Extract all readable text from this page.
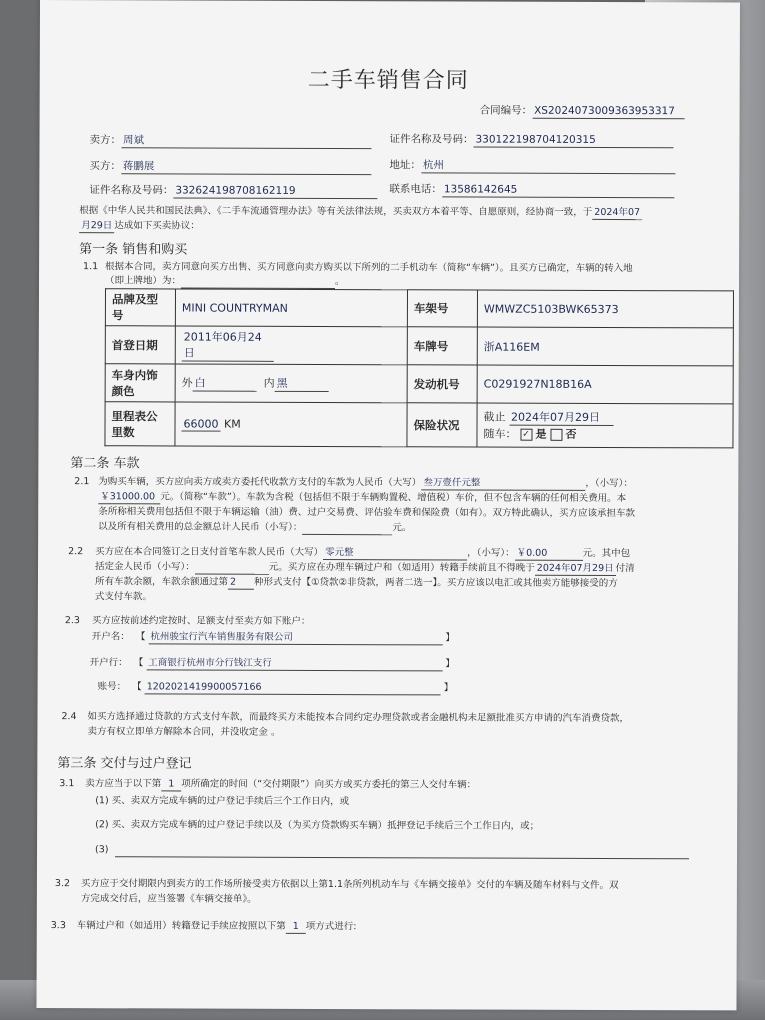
二手车销售合同
合同编号： XS2024073009363953317
卖方： 周斌	证件名称及号码： 330122198704120315
买方： 蒋鹏展	地址： 杭州
证件名称及号码： 332624198708162119	联系电话： 13586142645
根据《中华人民共和国民法典》、《二手车流通管理办法》等有关法律法规，买卖双方本着平等、自愿原则，经协商一致，于 2024年07
月29日 达成如下买卖协议：
第一条 销售和购买
1.1 根据本合同，卖方同意向买方出售、买方同意向卖方购买以下所列的二手机动车（简称“车辆”）。且买方已确定，车辆的转入地
（即上牌地）为：	。
品牌及型号	MINI COUNTRYMAN	车架号	WMWZC5103BWK65373
首登日期	2011年06月24日	车牌号	浙A116EM
车身内饰颜色	外 白 内 黑	发动机号	C0291927N18B16A
里程表公里数	66000 KM	保险状况	截止 2024年07月29日
随车： ✓ 是 否
第二条 车款
2.1 为购买车辆，买方应向卖方或卖方委托代收款方支付的车款为人民币（大写） 叁万壹仟元整	，（小写）：
￥31000.00 元。（简称“车款”）。车款为含税（包括但不限于车辆购置税、增值税）车价，但不包含车辆的任何相关费用。本
条所称相关费用包括但不限于车辆运输（油）费、过户交易费、评估验车费和保险费（如有）。双方特此确认，买方应该承担车款
以及所有相关费用的总金额总计人民币（小写）：	元。
2.2 买方应在本合同签订之日支付首笔车款人民币（大写） 零元整	，（小写）： ￥0.00	元。其中包
括定金人民币（小写）：	元。买方应在办理车辆过户和（如适用）转籍手续前且不得晚于 2024年07月29日 付清
所有车款余额，车款余额通过第 2 种形式支付【①贷款②非贷款，两者二选一】。买方应该以电汇或其他卖方能够接受的方
式支付车款。
2.3 买方应按前述约定按时、足额支付至卖方如下账户：
开户名： 【 杭州骏宝行汽车销售服务有限公司	】
开户行： 【 工商银行杭州市分行钱江支行	】
账号： 【 1202021419900057166	】
2.4 如买方选择通过贷款的方式支付车款，而最终买方未能按本合同约定办理贷款或者金融机构未足额批准买方申请的汽车消费贷款，
卖方有权立即单方解除本合同，并没收定金 。
第三条 交付与过户登记
3.1 卖方应当于以下第 1 项所确定的时间（“交付期限”）向买方或买方委托的第三人交付车辆：
(1) 买、卖双方完成车辆的过户登记手续后三个工作日内，或
(2) 买、卖双方完成车辆的过户登记手续以及（为买方贷款购买车辆）抵押登记手续后三个工作日内，或；
(3)
3.2 买方应于交付期限内到卖方的工作场所接受卖方依据以上第1.1条所列机动车与《车辆交接单》交付的车辆及随车材料与文件。双
方完成交付后，应当签署《车辆交接单》。
3.3 车辆过户和（如适用）转籍登记手续应按照以下第 1 项方式进行:
